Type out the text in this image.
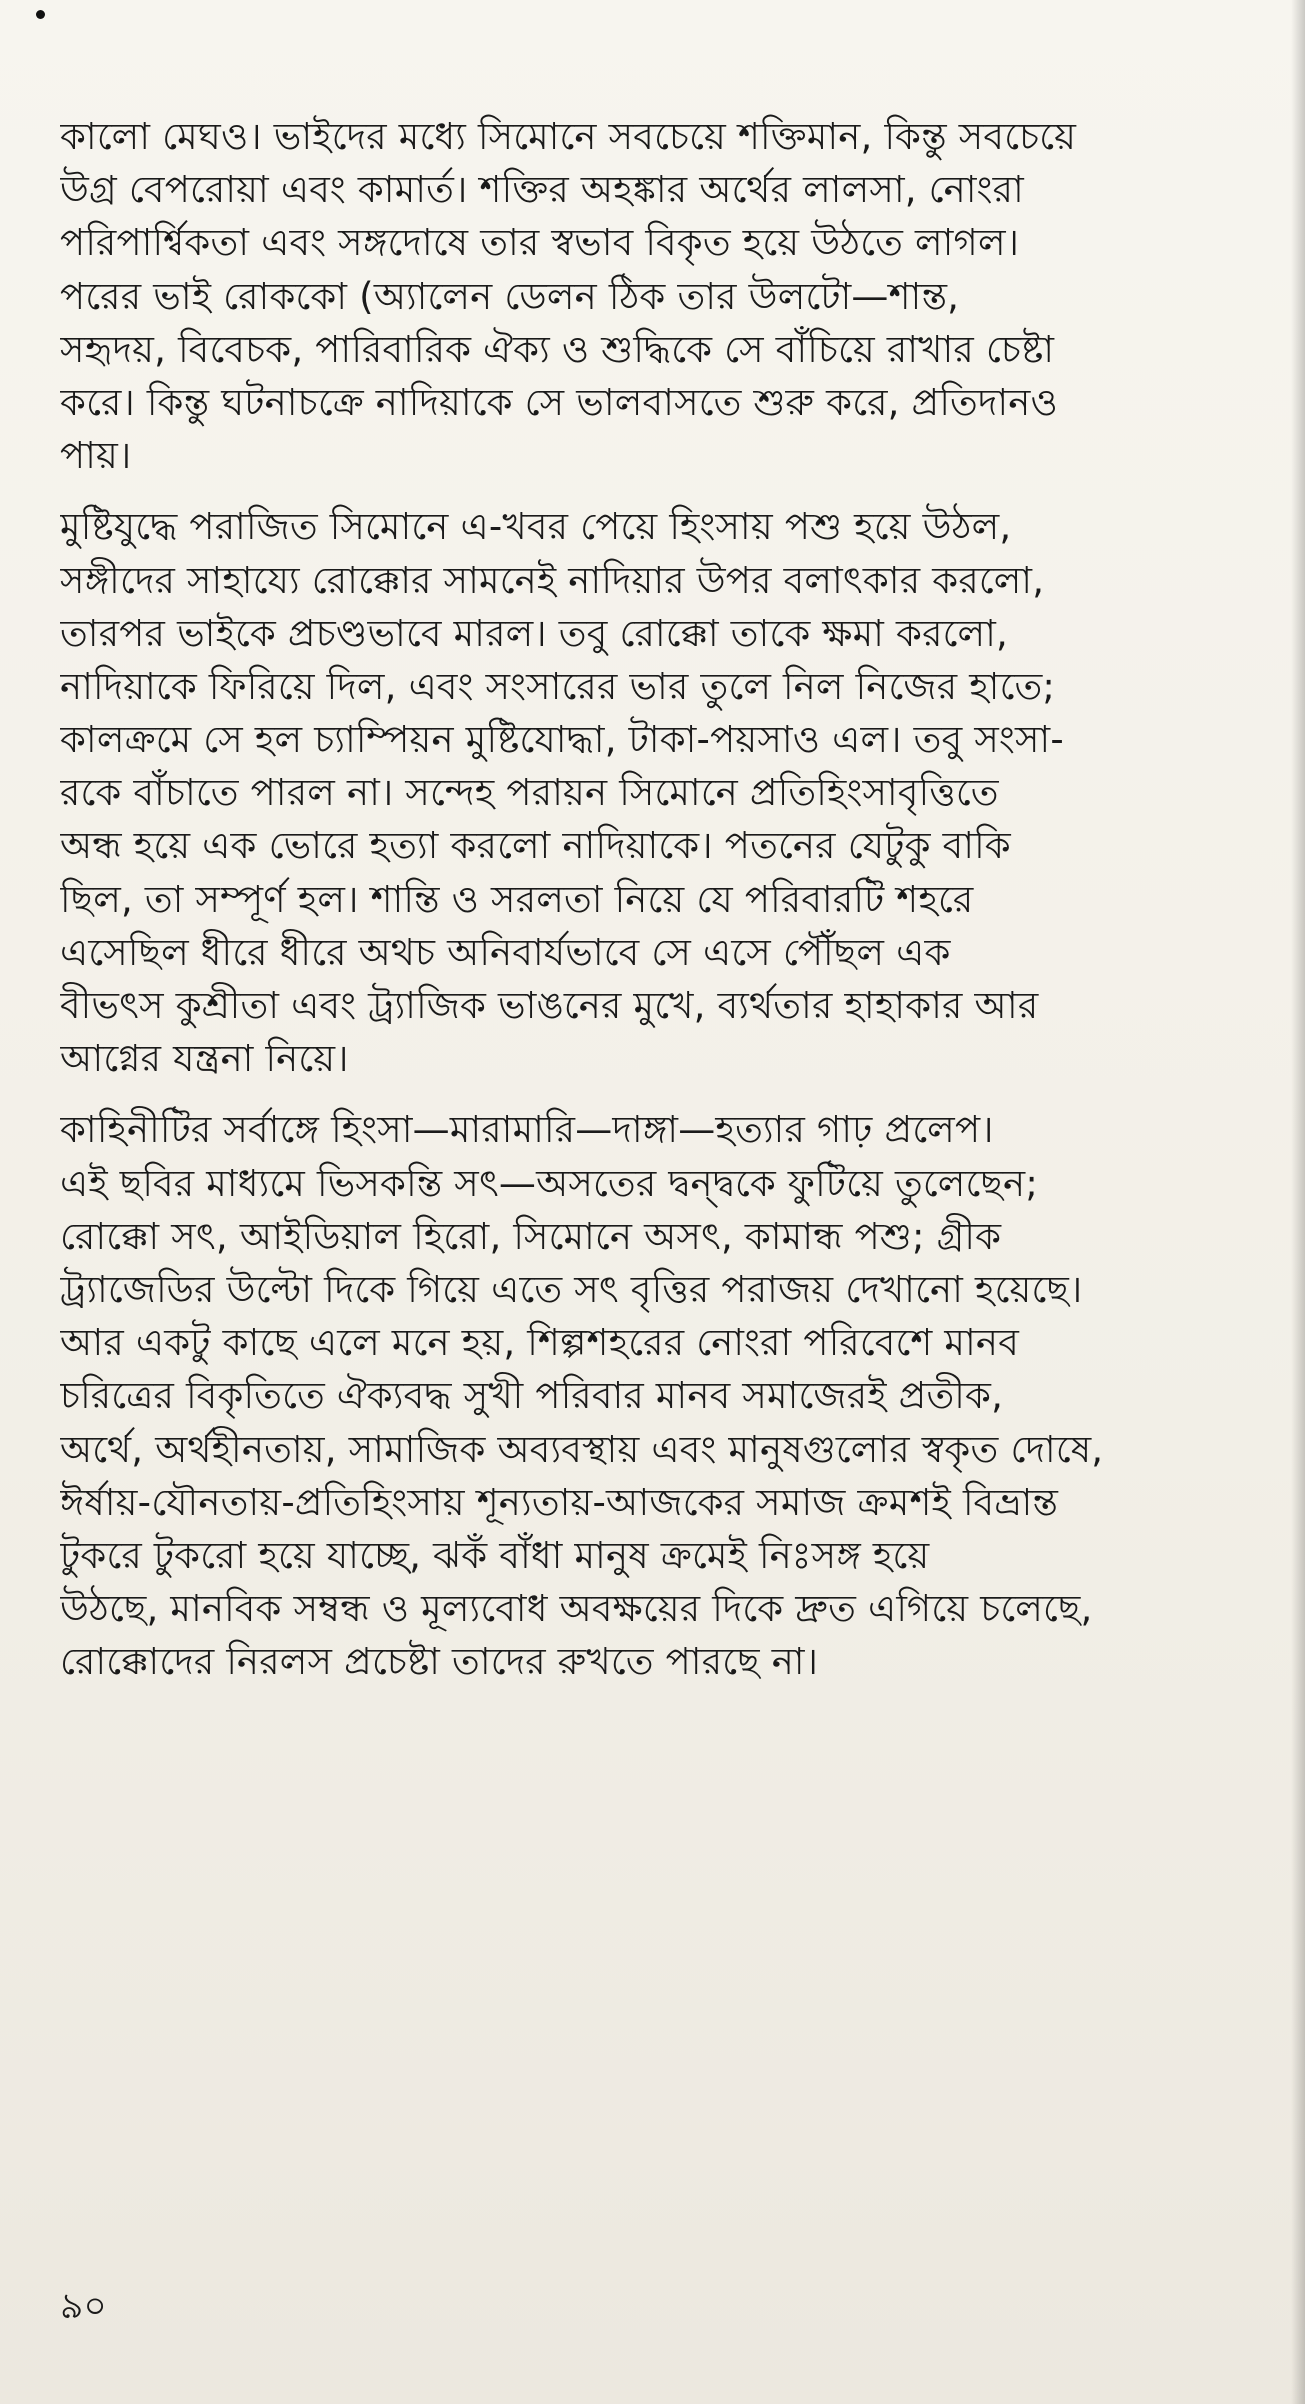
কালো মেঘও। ভাইদের মধ্যে সিমোনে সবচেয়ে শক্তিমান, কিন্তু সবচেয়ে
উগ্র বেপরোয়া এবং কামার্ত। শক্তির অহঙ্কার অর্থের লালসা, নোংরা
পরিপার্শ্বিকতা এবং সঙ্গদোষে তার স্বভাব বিকৃত হয়ে উঠতে লাগল।
পরের ভাই রোককো (অ্যালেন ডেলন ঠিক তার উলটো—শান্ত,
সহৃদয়, বিবেচক, পারিবারিক ঐক্য ও শুদ্ধিকে সে বাঁচিয়ে রাখার চেষ্টা
করে। কিন্তু ঘটনাচক্রে নাদিয়াকে সে ভালবাসতে শুরু করে, প্রতিদানও
পায়।
মুষ্টিযুদ্ধে পরাজিত সিমোনে এ-খবর পেয়ে হিংসায় পশু হয়ে উঠল,
সঙ্গীদের সাহায্যে রোক্কোর সামনেই নাদিয়ার উপর বলাৎকার করলো,
তারপর ভাইকে প্রচণ্ডভাবে মারল। তবু রোক্কো তাকে ক্ষমা করলো,
নাদিয়াকে ফিরিয়ে দিল, এবং সংসারের ভার তুলে নিল নিজের হাতে;
কালক্রমে সে হল চ্যাম্পিয়ন মুষ্টিযোদ্ধা, টাকা-পয়সাও এল। তবু সংসা-
রকে বাঁচাতে পারল না। সন্দেহ পরায়ন সিমোনে প্রতিহিংসাবৃত্তিতে
অন্ধ হয়ে এক ভোরে হত্যা করলো নাদিয়াকে। পতনের যেটুকু বাকি
ছিল, তা সম্পূর্ণ হল। শান্তি ও সরলতা নিয়ে যে পরিবারটি শহরে
এসেছিল ধীরে ধীরে অথচ অনিবার্যভাবে সে এসে পৌঁছল এক
বীভৎস কুশ্রীতা এবং ট্র্যাজিক ভাঙনের মুখে, ব্যর্থতার হাহাকার আর
আগ্নের যন্ত্রনা নিয়ে।
কাহিনীটির সর্বাঙ্গে হিংসা—মারামারি—দাঙ্গা—হত্যার গাঢ় প্রলেপ।
এই ছবির মাধ্যমে ভিসকন্তি সৎ—অসতের দ্বন্দ্বকে ফুটিয়ে তুলেছেন;
রোক্কো সৎ, আইডিয়াল হিরো, সিমোনে অসৎ, কামান্ধ পশু; গ্রীক
ট্র্যাজেডির উল্টো দিকে গিয়ে এতে সৎ বৃত্তির পরাজয় দেখানো হয়েছে।
আর একটু কাছে এলে মনে হয়, শিল্পশহরের নোংরা পরিবেশে মানব
চরিত্রের বিকৃতিতে ঐক্যবদ্ধ সুখী পরিবার মানব সমাজেরই প্রতীক,
অর্থে, অর্থহীনতায়, সামাজিক অব্যবস্থায় এবং মানুষগুলোর স্বকৃত দোষে,
ঈর্ষায়-যৌনতায়-প্রতিহিংসায় শূন্যতায়-আজকের সমাজ ক্রমশই বিভ্রান্ত
টুকরে টুকরো হয়ে যাচ্ছে, ঝকঁ বাঁধা মানুষ ক্রমেই নিঃসঙ্গ হয়ে
উঠছে, মানবিক সম্বন্ধ ও মূল্যবোধ অবক্ষয়ের দিকে দ্রুত এগিয়ে চলেছে,
রোক্কোদের নিরলস প্রচেষ্টা তাদের রুখতে পারছে না।
৯০
